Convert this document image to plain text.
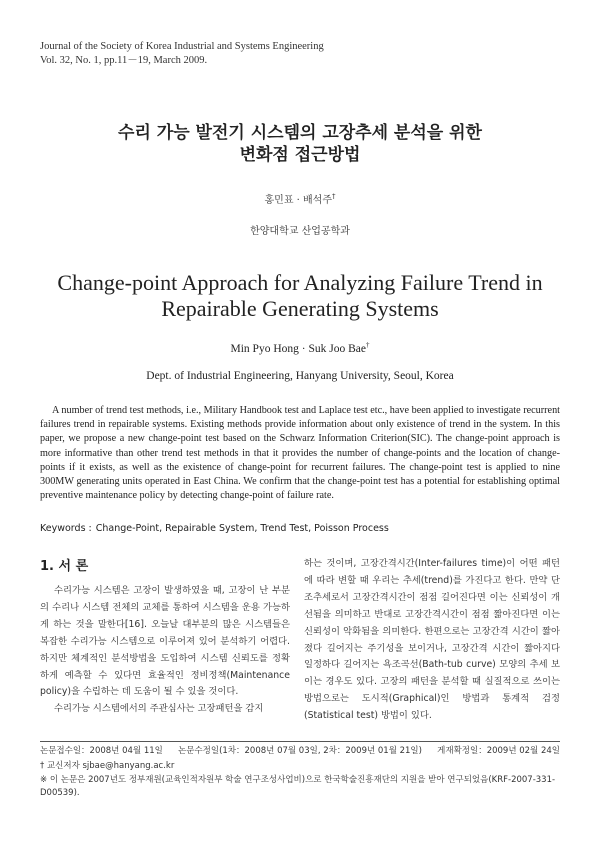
Journal of the Society of Korea Industrial and Systems Engineering
Vol. 32, No. 1, pp.11－19, March 2009.
수리 가능 발전기 시스템의 고장추세 분석을 위한
변화점 접근방법
홍민표 · 배석주†
한양대학교 산업공학과
Change-point Approach for Analyzing Failure Trend in
Repairable Generating Systems
Min Pyo Hong · Suk Joo Bae†
Dept. of Industrial Engineering, Hanyang University, Seoul, Korea
A number of trend test methods, i.e., Military Handbook test and Laplace test etc., have been applied to investigate recurrent failures trend in repairable systems. Existing methods provide information about only existence of trend in the system. In this paper, we propose a new change-point test based on the Schwarz Information Criterion(SIC). The change-point approach is more informative than other trend test methods in that it provides the number of change-points and the location of change-points if it exists, as well as the existence of change-point for recurrent failures. The change-point test is applied to nine 300MW generating units operated in East China. We confirm that the change-point test has a potential for establishing optimal preventive maintenance policy by detecting change-point of failure rate.
Keywords : Change-Point, Repairable System, Trend Test, Poisson Process
1. 서 론

수리가능 시스템은 고장이 발생하였을 때, 고장이 난 부분의 수리나 시스템 전체의 교체를 통하여 시스템을 운용 가능하게 하는 것을 말한다[16]. 오늘날 대부분의 많은 시스템들은 복잡한 수리가능 시스템으로 이루어져 있어 분석하기 어렵다. 하지만 체계적인 분석방법을 도입하여 시스템 신뢰도를 정확하게 예측할 수 있다면 효율적인 정비정책(Maintenance policy)을 수립하는 데 도움이 될 수 있을 것이다.

수리가능 시스템에서의 주관심사는 고장패턴을 감지

하는 것이며, 고장간격시간(Inter-failures time)이 어떤 패턴에 따라 변할 때 우리는 추세(trend)를 가진다고 한다. 만약 단조추세로서 고장간격시간이 점점 길어진다면 이는 신뢰성이 개선됨을 의미하고 반대로 고장간격시간이 점점 짧아진다면 이는 신뢰성이 악화됨을 의미한다. 한편으로는 고장간격 시간이 짧아졌다 길어지는 주기성을 보이거나, 고장간격 시간이 짧아지다 일정하다 길어지는 욕조곡선(Bath-tub curve) 모양의 추세 보이는 경우도 있다. 고장의 패턴을 분석할 때 실질적으로 쓰이는 방법으로는 도시적(Graphical)인 방법과 통계적 검정(Statistical test) 방법이 있다.

논문접수일：2008년 04월 11일 논문수정일(1차：2008년 07월 03일, 2차：2009년 01월 21일) 게재확정일：2009년 02월 24일
† 교신저자 sjbae@hanyang.ac.kr
※ 이 논문은 2007년도 정부재원(교육인적자원부 학술 연구조성사업비)으로 한국학술진흥재단의 지원을 받아 연구되었음(KRF-2007-331-D00539).
